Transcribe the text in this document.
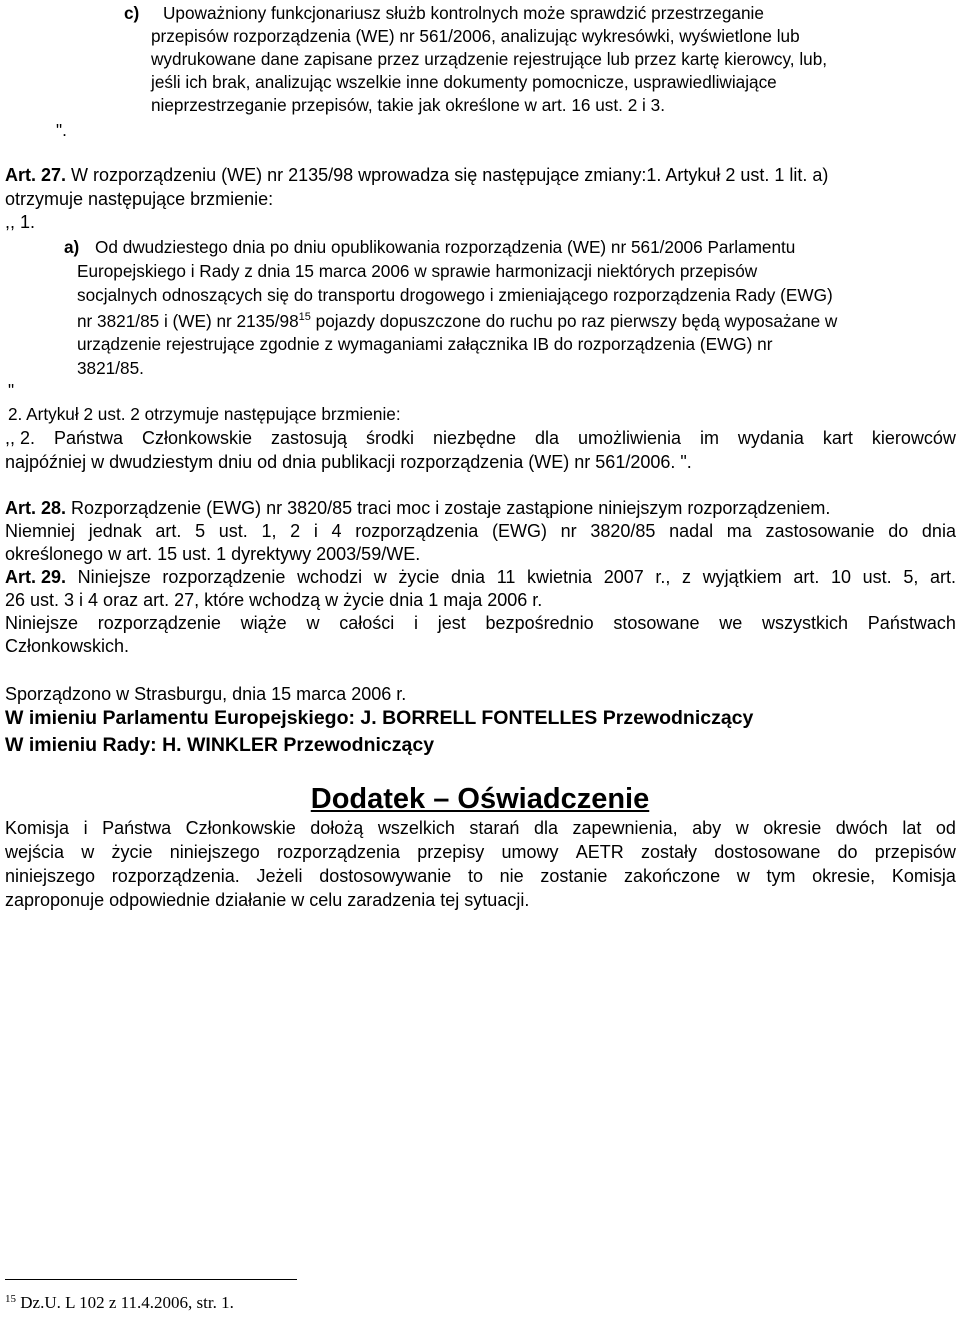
c) Upoważniony funkcjonariusz służb kontrolnych może sprawdzić przestrzeganie
przepisów rozporządzenia (WE) nr 561/2006, analizując wykresówki, wyświetlone lub
wydrukowane dane zapisane przez urządzenie rejestrujące lub przez kartę kierowcy, lub,
jeśli ich brak, analizując wszelkie inne dokumenty pomocnicze, usprawiedliwiające
nieprzestrzeganie przepisów, takie jak określone w art. 16 ust. 2 i 3.
".
Art. 27. W rozporządzeniu (WE) nr 2135/98 wprowadza się następujące zmiany:1. Artykuł 2 ust. 1 lit. a)
otrzymuje następujące brzmienie:
,, 1.
a) Od dwudziestego dnia po dniu opublikowania rozporządzenia (WE) nr 561/2006 Parlamentu
Europejskiego i Rady z dnia 15 marca 2006 w sprawie harmonizacji niektórych przepisów
socjalnych odnoszących się do transportu drogowego i zmieniającego rozporządzenia Rady (EWG)
nr 3821/85 i (WE) nr $2135/98^{15}$ pojazdy dopuszczone do ruchu po raz pierwszy będą wyposażane w
urządzenie rejestrujące zgodnie z wymaganiami załącznika IB do rozporządzenia (EWG) nr
3821/85.
"
2. Artykuł 2 ust. 2 otrzymuje następujące brzmienie:
,, 2. Państwa Członkowskie zastosują środki niezbędne dla umożliwienia im wydania kart kierowców
najpóźniej w dwudziestym dniu od dnia publikacji rozporządzenia (WE) nr 561/2006. ".
Art. 28. Rozporządzenie (EWG) nr 3820/85 traci moc i zostaje zastąpione niniejszym rozporządzeniem.
Niemniej jednak art. 5 ust. 1, 2 i 4 rozporządzenia (EWG) nr 3820/85 nadal ma zastosowanie do dnia
określonego w art. 15 ust. 1 dyrektywy 2003/59/WE.
Art. 29. Niniejsze rozporządzenie wchodzi w życie dnia 11 kwietnia 2007 r., z wyjątkiem art. 10 ust. 5, art.
26 ust. 3 i 4 oraz art. 27, które wchodzą w życie dnia 1 maja 2006 r.
Niniejsze rozporządzenie wiąże w całości i jest bezpośrednio stosowane we wszystkich Państwach
Członkowskich.
Sporządzono w Strasburgu, dnia 15 marca 2006 r.
W imieniu Parlamentu Europejskiego: J. BORRELL FONTELLES Przewodniczący
W imieniu Rady: H. WINKLER Przewodniczący
Dodatek – Oświadczenie
Komisja i Państwa Członkowskie dołożą wszelkich starań dla zapewnienia, aby w okresie dwóch lat od
wejścia w życie niniejszego rozporządzenia przepisy umowy AETR zostały dostosowane do przepisów
niniejszego rozporządzenia. Jeżeli dostosowywanie to nie zostanie zakończone w tym okresie, Komisja
zaproponuje odpowiednie działanie w celu zaradzenia tej sytuacji.
$^{15}$ Dz.U. L 102 z 11.4.2006, str. 1.
